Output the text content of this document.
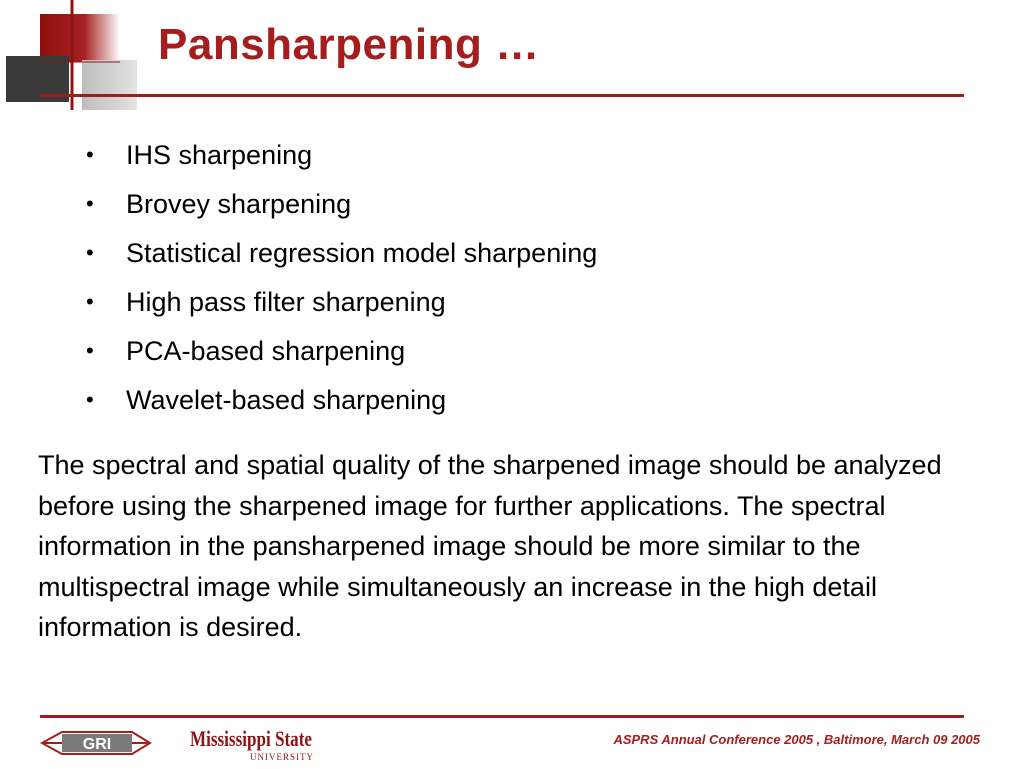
Pansharpening …
•	IHS sharpening
•	Brovey sharpening
•	Statistical regression model sharpening
•	High pass filter sharpening
•	PCA-based sharpening
•	Wavelet-based sharpening

The spectral and spatial quality of the sharpened image should be analyzed before using the sharpened image for further applications. The spectral information in the pansharpened image should be more similar to the multispectral image while simultaneously an increase in the high detail information is desired.

GRI	Mississippi State
UNIVERSITY
ASPRS Annual Conference 2005 , Baltimore, March 09 2005
